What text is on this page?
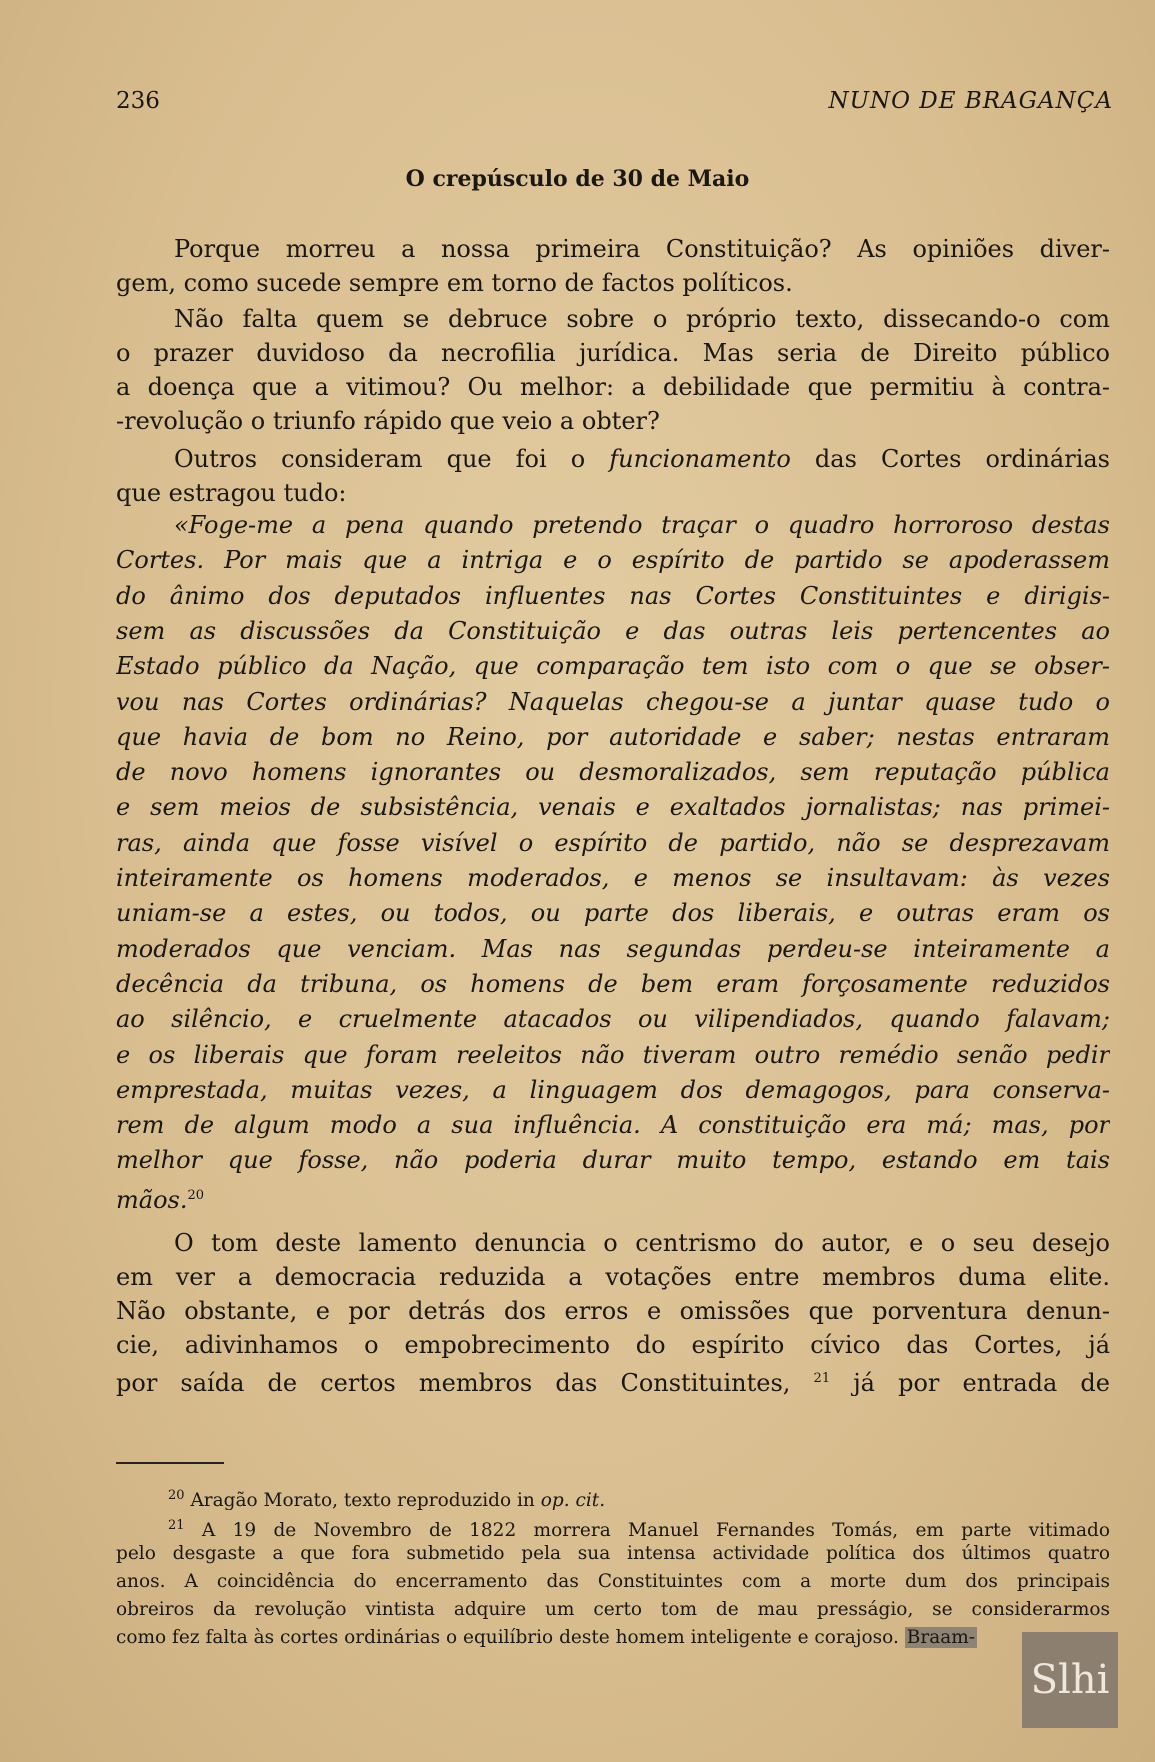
236	NUNO DE BRAGANÇA
O crepúsculo de 30 de Maio
Porque morreu a nossa primeira Constituição? As opiniões diver-
gem, como sucede sempre em torno de factos políticos.
Não falta quem se debruce sobre o próprio texto, dissecando-o com
o prazer duvidoso da necrofilia jurídica. Mas seria de Direito público
a doença que a vitimou? Ou melhor: a debilidade que permitiu à contra-
-revolução o triunfo rápido que veio a obter?
Outros consideram que foi o funcionamento das Cortes ordinárias
que estragou tudo:
«Foge-me a pena quando pretendo traçar o quadro horroroso destas
Cortes. Por mais que a intriga e o espírito de partido se apoderassem
do ânimo dos deputados influentes nas Cortes Constituintes e dirigis-
sem as discussões da Constituição e das outras leis pertencentes ao
Estado público da Nação, que comparação tem isto com o que se obser-
vou nas Cortes ordinárias? Naquelas chegou-se a juntar quase tudo o
que havia de bom no Reino, por autoridade e saber; nestas entraram
de novo homens ignorantes ou desmoralizados, sem reputação pública
e sem meios de subsistência, venais e exaltados jornalistas; nas primei-
ras, ainda que fosse visível o espírito de partido, não se desprezavam
inteiramente os homens moderados, e menos se insultavam: às vezes
uniam-se a estes, ou todos, ou parte dos liberais, e outras eram os
moderados que venciam. Mas nas segundas perdeu-se inteiramente a
decência da tribuna, os homens de bem eram forçosamente reduzidos
ao silêncio, e cruelmente atacados ou vilipendiados, quando falavam;
e os liberais que foram reeleitos não tiveram outro remédio senão pedir
emprestada, muitas vezes, a linguagem dos demagogos, para conserva-
rem de algum modo a sua influência. A constituição era má; mas, por
melhor que fosse, não poderia durar muito tempo, estando em tais
mãos.$^{20}$
O tom deste lamento denuncia o centrismo do autor, e o seu desejo
em ver a democracia reduzida a votações entre membros duma elite.
Não obstante, e por detrás dos erros e omissões que porventura denun-
cie, adivinhamos o empobrecimento do espírito cívico das Cortes, já
por saída de certos membros das Constituintes, $^{21}$ já por entrada de
$^{20}$ Aragão Morato, texto reproduzido in op. cit.
$^{21}$ A 19 de Novembro de 1822 morrera Manuel Fernandes Tomás, em parte vitimado
pelo desgaste a que fora submetido pela sua intensa actividade política dos últimos quatro
anos. A coincidência do encerramento das Constituintes com a morte dum dos principais
obreiros da revolução vintista adquire um certo tom de mau presságio, se considerarmos
como fez falta às cortes ordinárias o equilíbrio deste homem inteligente e corajoso. Braam-
Slhi
